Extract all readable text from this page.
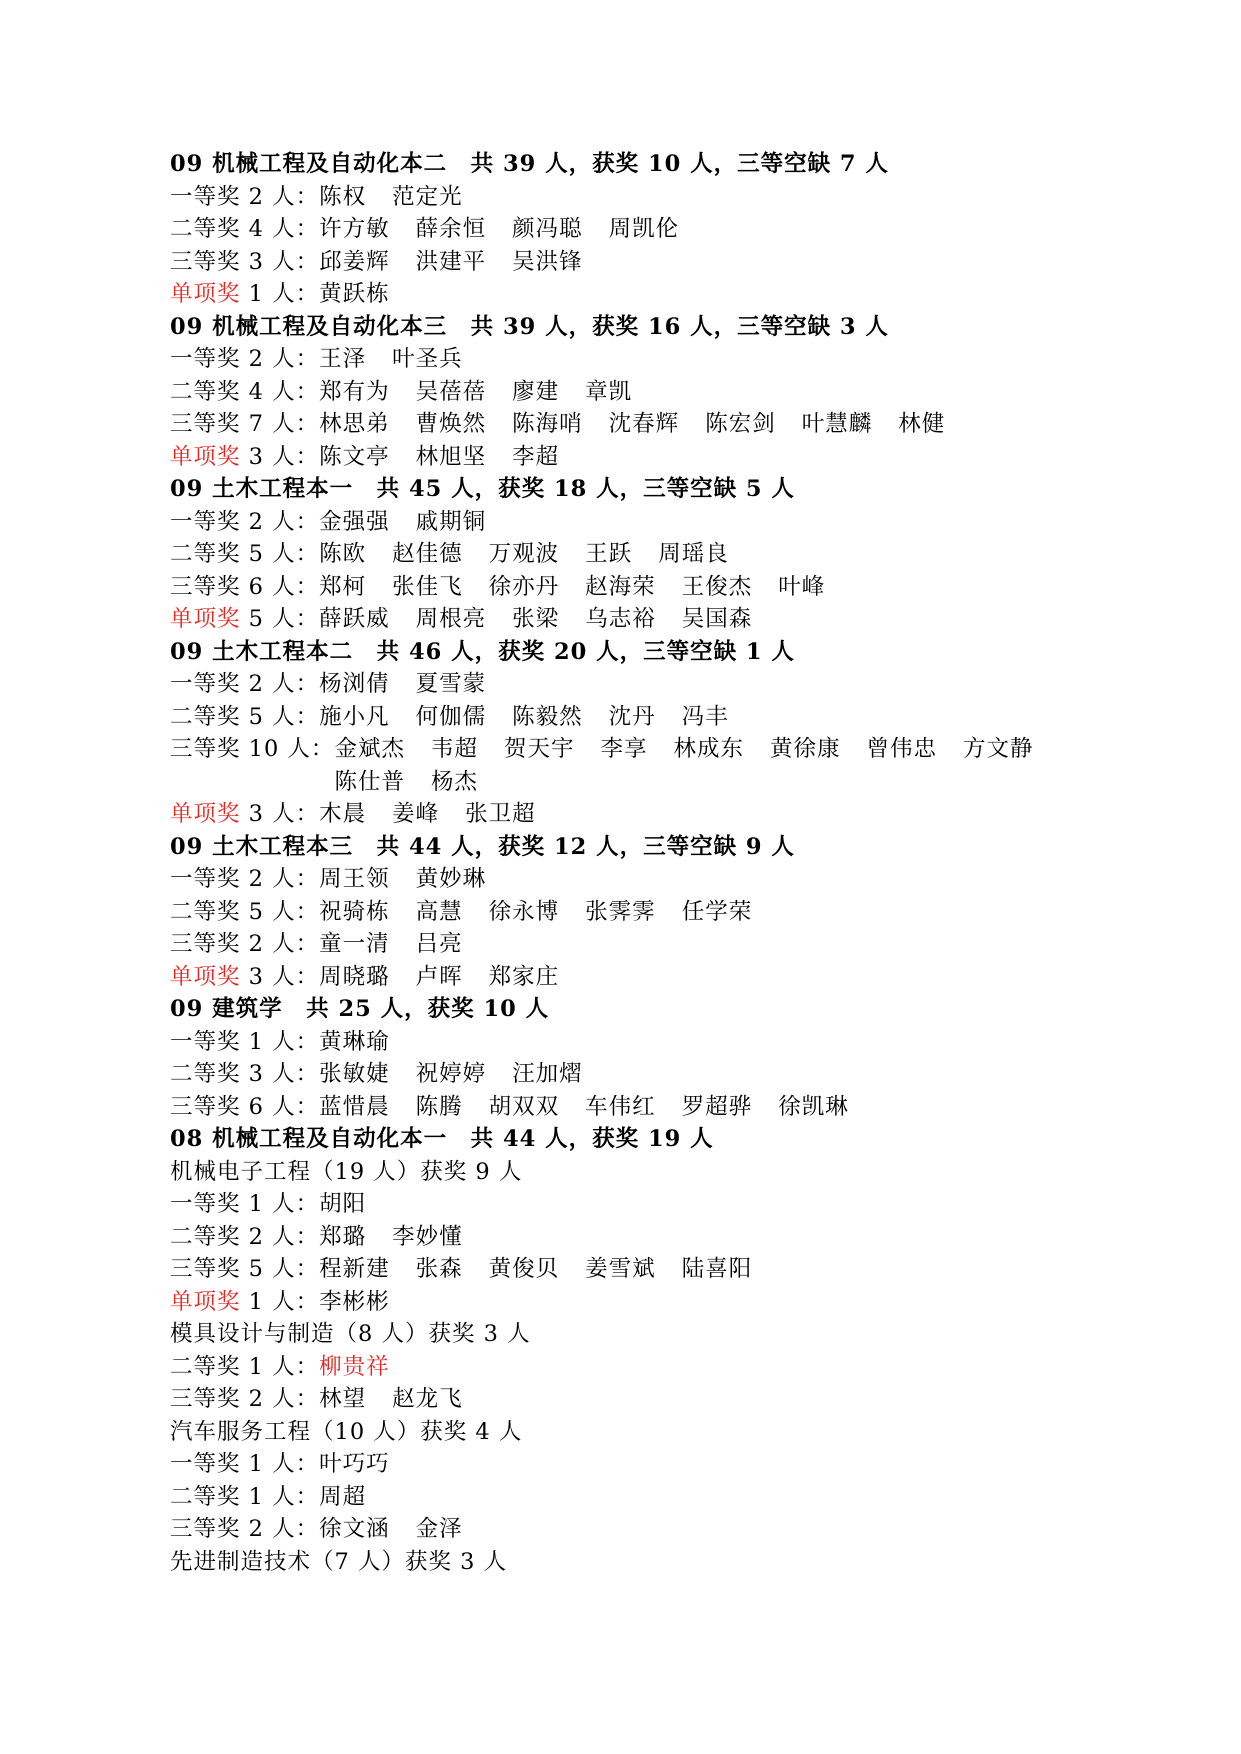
09 机械工程及自动化本二　共 39 人，获奖 10 人，三等空缺 7 人
一等奖 2 人：陈权 范定光
二等奖 4 人：许方敏 薛余恒 颜冯聪 周凯伦
三等奖 3 人：邱姜辉 洪建平 吴洪锋
单项奖 1 人：黄跃栋
09 机械工程及自动化本三　共 39 人，获奖 16 人，三等空缺 3 人
一等奖 2 人：王泽 叶圣兵
二等奖 4 人：郑有为 吴蓓蓓 廖建 章凯
三等奖 7 人：林思弟 曹焕然 陈海哨 沈春辉 陈宏剑 叶慧麟 林健
单项奖 3 人：陈文亭 林旭坚 李超
09 土木工程本一　共 45 人，获奖 18 人，三等空缺 5 人
一等奖 2 人：金强强 戚期铜
二等奖 5 人：陈欧 赵佳德 万观波 王跃 周瑶良
三等奖 6 人：郑柯 张佳飞 徐亦丹 赵海荣 王俊杰 叶峰
单项奖 5 人：薛跃威 周根亮 张梁 乌志裕 吴国森
09 土木工程本二　共 46 人，获奖 20 人，三等空缺 1 人
一等奖 2 人：杨浏倩 夏雪蒙
二等奖 5 人：施小凡 何伽儒 陈毅然 沈丹 冯丰
三等奖 10 人：金斌杰 韦超 贺天宇 李享 林成东 黄徐康 曾伟忠 方文静陈仕普 杨杰
单项奖 3 人：木晨 姜峰 张卫超
09 土木工程本三　共 44 人，获奖 12 人，三等空缺 9 人
一等奖 2 人：周王领 黄妙琳
二等奖 5 人：祝骑栋 高慧 徐永博 张霁霁 任学荣
三等奖 2 人：童一清 吕亮
单项奖 3 人：周晓璐 卢晖 郑家庄
09 建筑学　共 25 人，获奖 10 人
一等奖 1 人：黄琳瑜
二等奖 3 人：张敏婕 祝婷婷 汪加熠
三等奖 6 人：蓝惜晨 陈腾 胡双双 车伟红 罗超骅 徐凯琳
08 机械工程及自动化本一　共 44 人，获奖 19 人
机械电子工程（19 人）获奖 9 人
一等奖 1 人：胡阳
二等奖 2 人：郑璐 李妙懂
三等奖 5 人：程新建 张森 黄俊贝 姜雪斌 陆喜阳
单项奖 1 人：李彬彬
模具设计与制造（8 人）获奖 3 人
二等奖 1 人：柳贵祥
三等奖 2 人：林望 赵龙飞
汽车服务工程（10 人）获奖 4 人
一等奖 1 人：叶巧巧
二等奖 1 人：周超
三等奖 2 人：徐文涵 金泽
先进制造技术（7 人）获奖 3 人
